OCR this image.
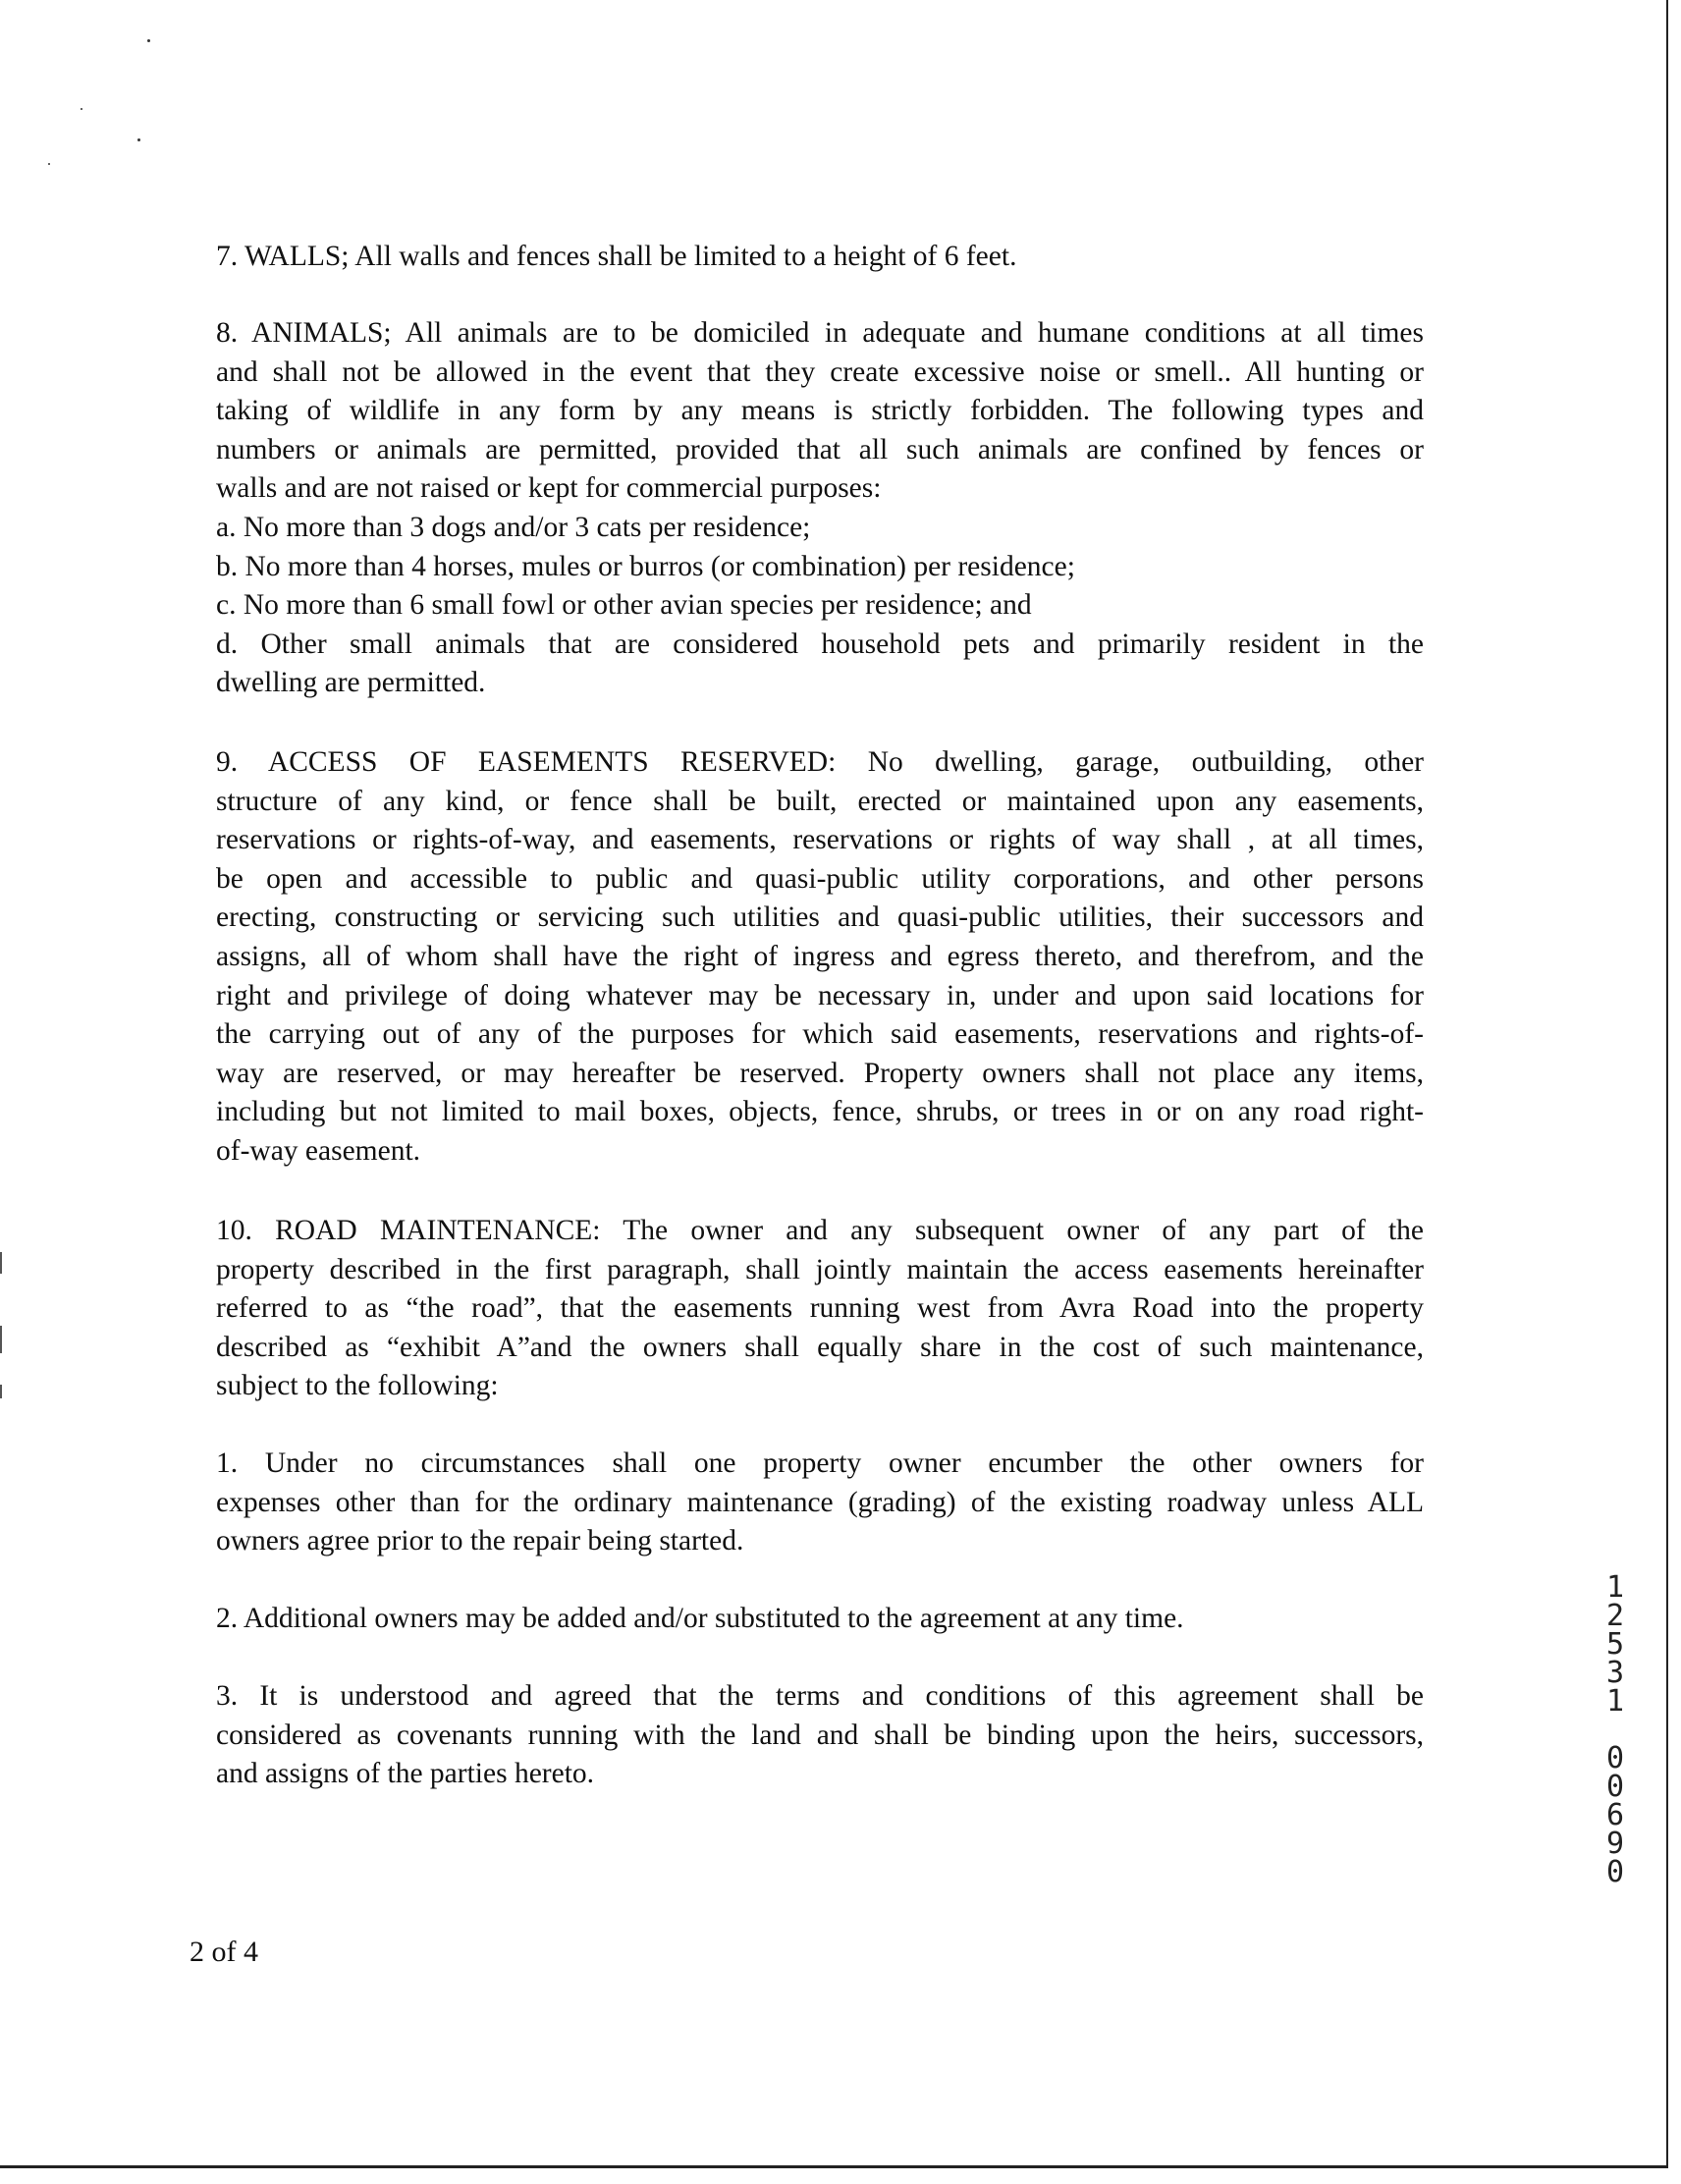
7. WALLS; All walls and fences shall be limited to a height of 6 feet.

8. ANIMALS; All animals are to be domiciled in adequate and humane conditions at all times
and shall not be allowed in the event that they create excessive noise or smell.. All hunting or
taking of wildlife in any form by any means is strictly forbidden. The following types and
numbers or animals are permitted, provided that all such animals are confined by fences or
walls and are not raised or kept for commercial purposes:
a. No more than 3 dogs and/or 3 cats per residence;
b. No more than 4 horses, mules or burros (or combination) per residence;
c. No more than 6 small fowl or other avian species per residence; and
d. Other small animals that are considered household pets and primarily resident in the
dwelling are permitted.
9. ACCESS OF EASEMENTS RESERVED: No dwelling, garage, outbuilding, other
structure of any kind, or fence shall be built, erected or maintained upon any easements,
reservations or rights-of-way, and easements, reservations or rights of way shall , at all times,
be open and accessible to public and quasi-public utility corporations, and other persons
erecting, constructing or servicing such utilities and quasi-public utilities, their successors and
assigns, all of whom shall have the right of ingress and egress thereto, and therefrom, and the
right and privilege of doing whatever may be necessary in, under and upon said locations for
the carrying out of any of the purposes for which said easements, reservations and rights-of-
way are reserved, or may hereafter be reserved. Property owners shall not place any items,
including but not limited to mail boxes, objects, fence, shrubs, or trees in or on any road right-
of-way easement.
10. ROAD MAINTENANCE: The owner and any subsequent owner of any part of the
property described in the first paragraph, shall jointly maintain the access easements hereinafter
referred to as “the road”, that the easements running west from Avra Road into the property
described as “exhibit A”and the owners shall equally share in the cost of such maintenance,
subject to the following:
1. Under no circumstances shall one property owner encumber the other owners for
expenses other than for the ordinary maintenance (grading) of the existing roadway unless ALL
owners agree prior to the repair being started.

2. Additional owners may be added and/or substituted to the agreement at any time.

3. It is understood and agreed that the terms and conditions of this agreement shall be
considered as covenants running with the land and shall be binding upon the heirs, successors,
and assigns of the parties hereto.
1
2
5
3
1
0
0
6
9
0
2 of 4
